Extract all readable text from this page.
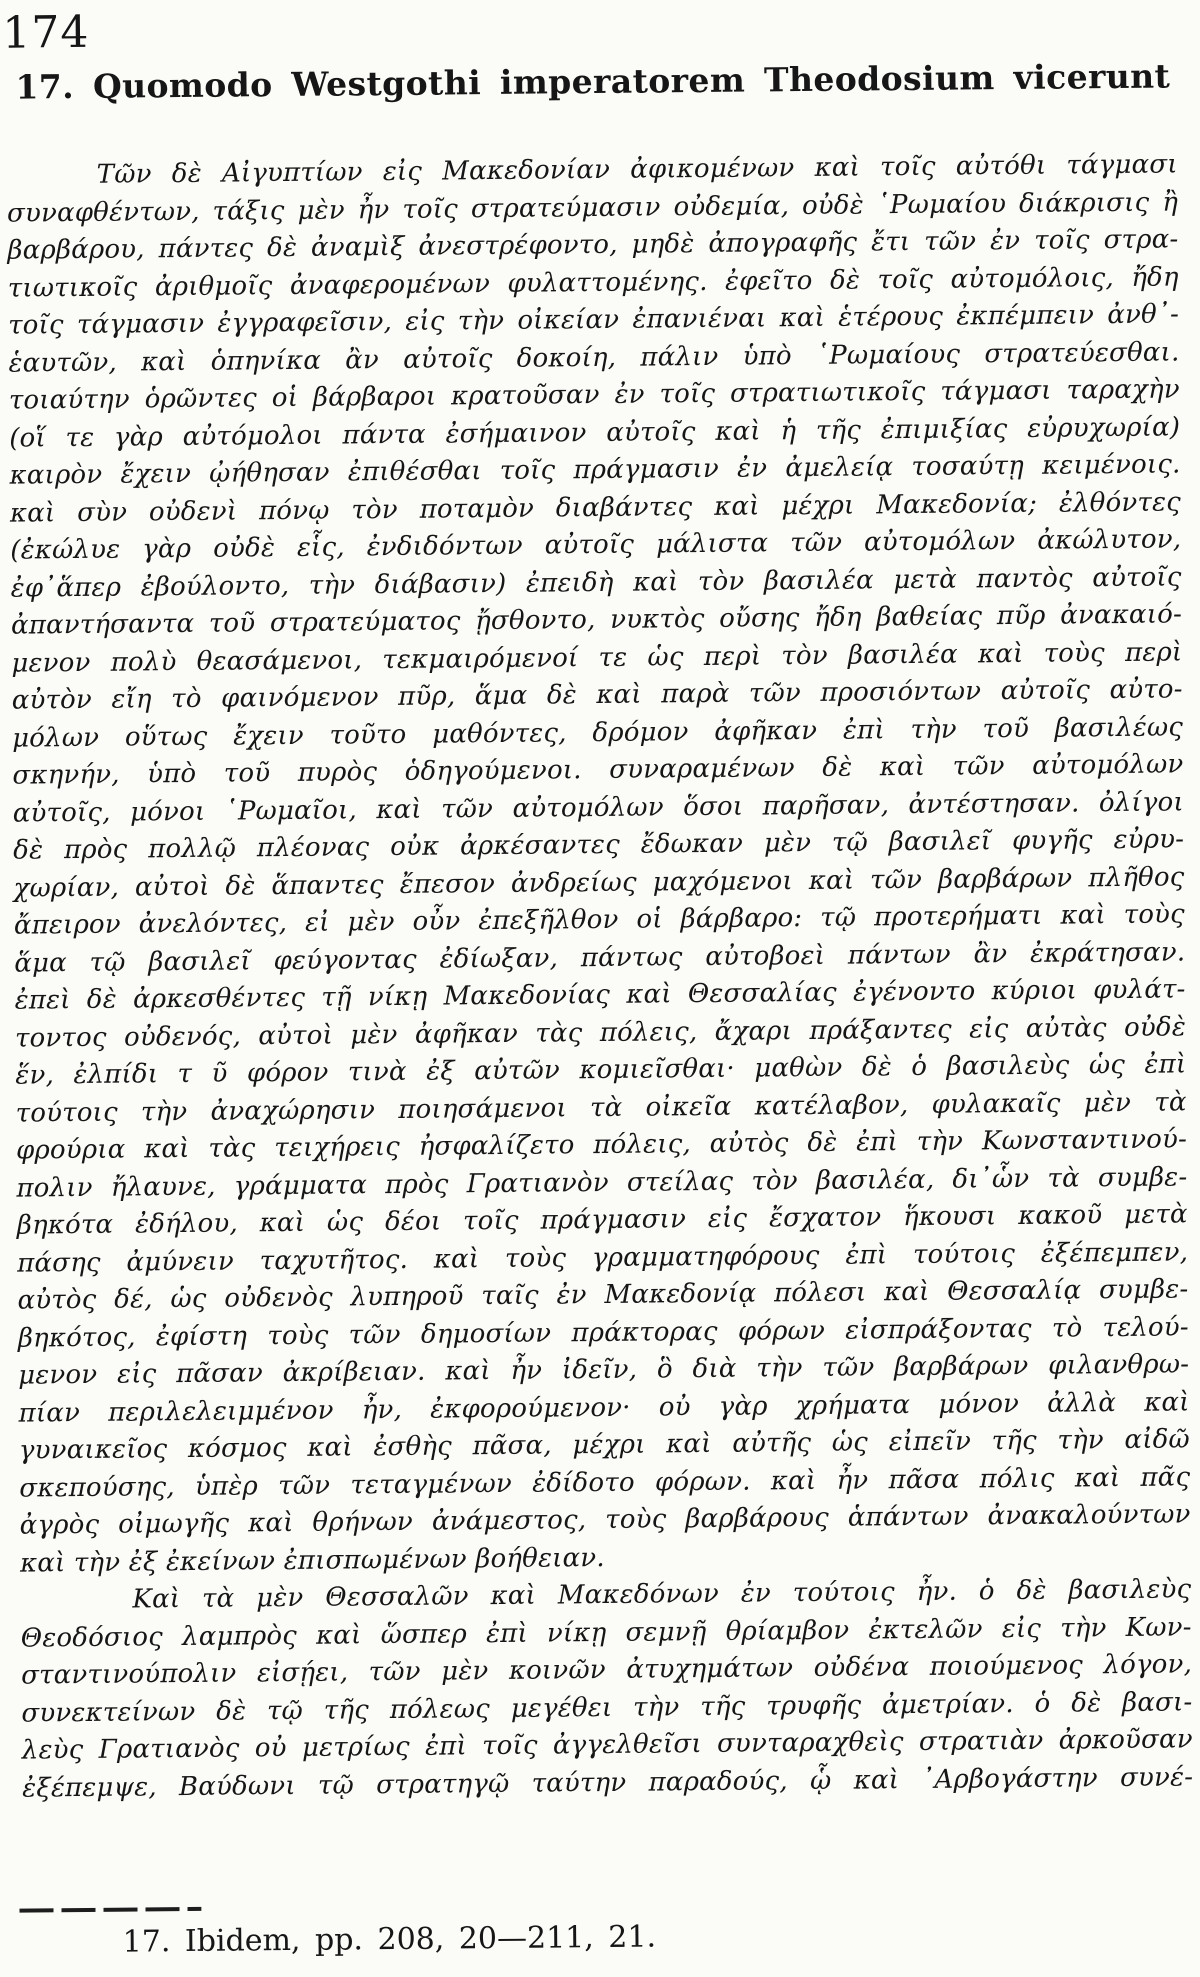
174
17. Quomodo Westgothi imperatorem Theodosium vicerunt
Τῶν δὲ Αἰγυπτίων εἰς Μακεδονίαν ἀφικομένων καὶ τοῖς αὐτόθι τάγμασι
συναφθέντων, τάξις μὲν ἦν τοῖς στρατεύμασιν οὐδεμία, οὐδὲ ῾Ρωμαίου διάκρισις ἢ
βαρβάρου, πάντες δὲ ἀναμὶξ ἀνεστρέφοντο, μηδὲ ἀπογραφῆς ἔτι τῶν ἐν τοῖς στρα-
τιωτικοῖς ἀριθμοῖς ἀναφερομένων φυλαττομένης. ἐφεῖτο δὲ τοῖς αὐτομόλοις, ἤδη
τοῖς τάγμασιν ἐγγραφεῖσιν, εἰς τὴν οἰκείαν ἐπανιέναι καὶ ἑτέρους ἐκπέμπειν ἀνθ᾽-
ἑαυτῶν, καὶ ὁπηνίκα ἂν αὐτοῖς δοκοίη, πάλιν ὑπὸ ῾Ρωμαίους στρατεύεσθαι.
τοιαύτην ὁρῶντες οἱ βάρβαροι κρατοῦσαν ἐν τοῖς στρατιωτικοῖς τάγμασι ταραχὴν
(οἵ τε γὰρ αὐτόμολοι πάντα ἐσήμαινον αὐτοῖς καὶ ἡ τῆς ἐπιμιξίας εὐρυχωρία)
καιρὸν ἔχειν ᾠήθησαν ἐπιθέσθαι τοῖς πράγμασιν ἐν ἀμελείᾳ τοσαύτῃ κειμένοις.
καὶ σὺν οὐδενὶ πόνῳ τὸν ποταμὸν διαβάντες καὶ μέχρι Μακεδονία; ἐλθόντες
(ἐκώλυε γὰρ οὐδὲ εἷς, ἐνδιδόντων αὐτοῖς μάλιστα τῶν αὐτομόλων ἀκώλυτον,
ἐφ᾽ἅπερ ἐβούλοντο, τὴν διάβασιν) ἐπειδὴ καὶ τὸν βασιλέα μετὰ παντὸς αὐτοῖς
ἀπαντήσαντα τοῦ στρατεύματος ᾔσθοντο, νυκτὸς οὔσης ἤδη βαθείας πῦρ ἀνακαιό-
μενον πολὺ θεασάμενοι, τεκμαιρόμενοί τε ὡς περὶ τὸν βασιλέα καὶ τοὺς περὶ
αὐτὸν εἴη τὸ φαινόμενον πῦρ, ἅμα δὲ καὶ παρὰ τῶν προσιόντων αὐτοῖς αὐτο-
μόλων οὕτως ἔχειν τοῦτο μαθόντες, δρόμον ἀφῆκαν ἐπὶ τὴν τοῦ βασιλέως
σκηνήν, ὑπὸ τοῦ πυρὸς ὁδηγούμενοι. συναραμένων δὲ καὶ τῶν αὐτομόλων
αὐτοῖς, μόνοι ῾Ρωμαῖοι, καὶ τῶν αὐτομόλων ὅσοι παρῆσαν, ἀντέστησαν. ὀλίγοι
δὲ πρὸς πολλῷ πλέονας οὐκ ἀρκέσαντες ἔδωκαν μὲν τῷ βασιλεῖ φυγῆς εὐρυ-
χωρίαν, αὐτοὶ δὲ ἅπαντες ἔπεσον ἀνδρείως μαχόμενοι καὶ τῶν βαρβάρων πλῆθος
ἄπειρον ἀνελόντες, εἰ μὲν οὖν ἐπεξῆλθον οἱ βάρβαρο: τῷ προτερήματι καὶ τοὺς
ἅμα τῷ βασιλεῖ φεύγοντας ἐδίωξαν, πάντως αὐτοβοεὶ πάντων ἂν ἐκράτησαν.
ἐπεὶ δὲ ἀρκεσθέντες τῇ νίκῃ Μακεδονίας καὶ Θεσσαλίας ἐγένοντο κύριοι φυλάτ-
τοντος οὐδενός, αὐτοὶ μὲν ἀφῆκαν τὰς πόλεις, ἄχαρι πράξαντες εἰς αὐτὰς οὐδὲ
ἕν, ἐλπίδι τ ῦ φόρον τινὰ ἐξ αὐτῶν κομιεῖσθαι· μαθὼν δὲ ὁ βασιλεὺς ὡς ἐπὶ
τούτοις τὴν ἀναχώρησιν ποιησάμενοι τὰ οἰκεῖα κατέλαβον, φυλακαῖς μὲν τὰ
φρούρια καὶ τὰς τειχήρεις ἠσφαλίζετο πόλεις, αὐτὸς δὲ ἐπὶ τὴν Κωνσταντινού-
πολιν ἤλαυνε, γράμματα πρὸς Γρατιανὸν στείλας τὸν βασιλέα, δι᾽ὧν τὰ συμβε-
βηκότα ἐδήλου, καὶ ὡς δέοι τοῖς πράγμασιν εἰς ἔσχατον ἥκουσι κακοῦ μετὰ
πάσης ἀμύνειν ταχυτῆτος. καὶ τοὺς γραμματηφόρους ἐπὶ τούτοις ἐξέπεμπεν,
αὐτὸς δέ, ὡς οὐδενὸς λυπηροῦ ταῖς ἐν Μακεδονίᾳ πόλεσι καὶ Θεσσαλίᾳ συμβε-
βηκότος, ἐφίστη τοὺς τῶν δημοσίων πράκτορας φόρων εἰσπράξοντας τὸ τελού-
μενον εἰς πᾶσαν ἀκρίβειαν. καὶ ἦν ἰδεῖν, ὃ διὰ τὴν τῶν βαρβάρων φιλανθρω-
πίαν περιλελειμμένον ἦν, ἐκφορούμενον· οὐ γὰρ χρήματα μόνον ἀλλὰ καὶ
γυναικεῖος κόσμος καὶ ἐσθὴς πᾶσα, μέχρι καὶ αὐτῆς ὡς εἰπεῖν τῆς τὴν αἰδῶ
σκεπούσης, ὑπὲρ τῶν τεταγμένων ἐδίδοτο φόρων. καὶ ἦν πᾶσα πόλις καὶ πᾶς
ἀγρὸς οἰμωγῆς καὶ θρήνων ἀνάμεστος, τοὺς βαρβάρους ἁπάντων ἀνακαλούντων
καὶ τὴν ἐξ ἐκείνων ἐπισπωμένων βοήθειαν.
Καὶ τὰ μὲν Θεσσαλῶν καὶ Μακεδόνων ἐν τούτοις ἦν. ὁ δὲ βασιλεὺς
Θεοδόσιος λαμπρὸς καὶ ὥσπερ ἐπὶ νίκῃ σεμνῇ θρίαμβον ἐκτελῶν εἰς τὴν Κων-
σταντινούπολιν εἰσῄει, τῶν μὲν κοινῶν ἀτυχημάτων οὐδένα ποιούμενος λόγον,
συνεκτείνων δὲ τῷ τῆς πόλεως μεγέθει τὴν τῆς τρυφῆς ἀμετρίαν. ὁ δὲ βασι-
λεὺς Γρατιανὸς οὐ μετρίως ἐπὶ τοῖς ἀγγελθεῖσι συνταραχθεὶς στρατιὰν ἀρκοῦσαν
ἐξέπεμψε, Βαύδωνι τῷ στρατηγῷ ταύτην παραδούς, ᾧ καὶ ᾽Αρβογάστην συνέ-
17. Ibidem, pp. 208, 20—211, 21.
